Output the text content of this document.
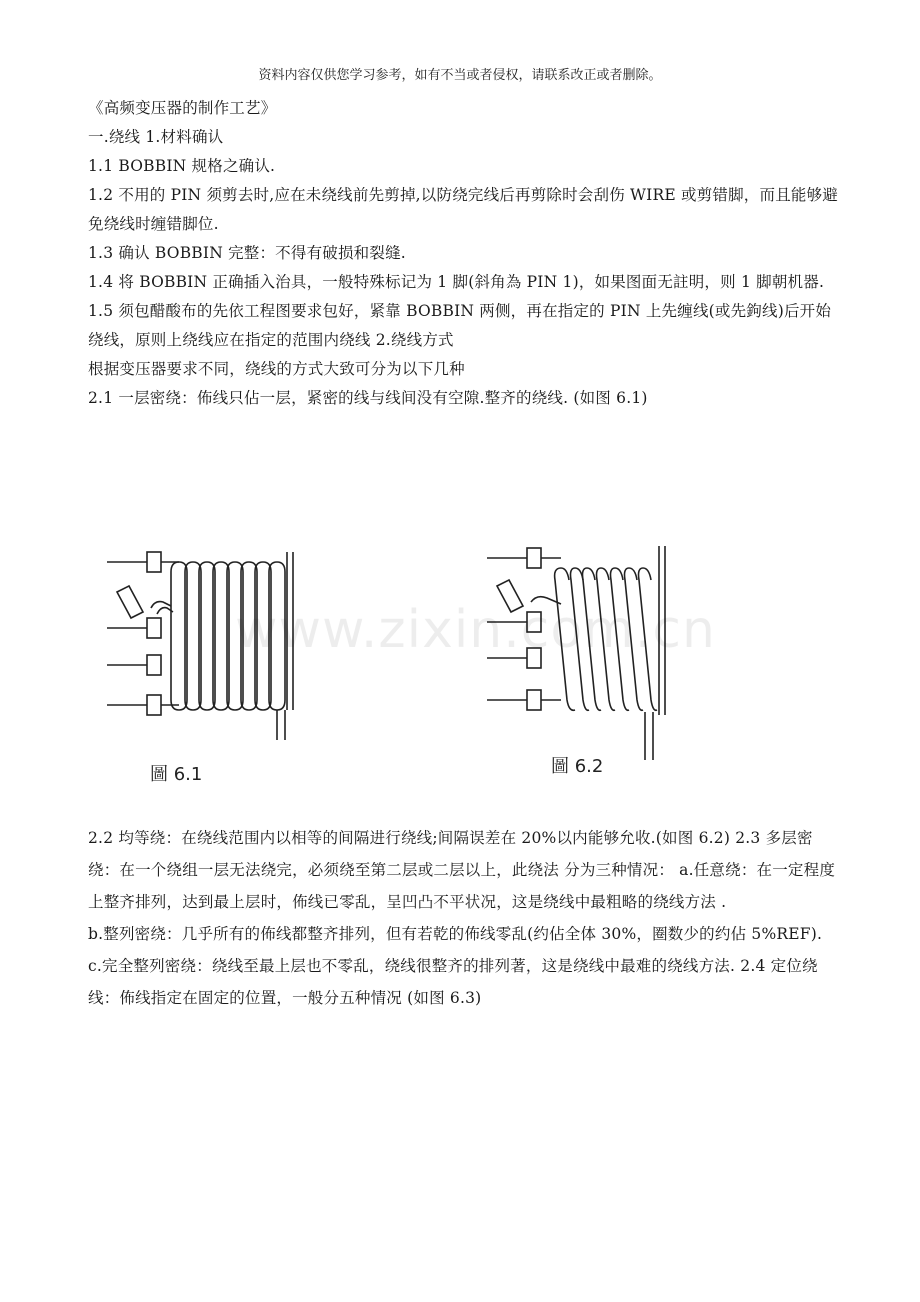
资料内容仅供您学习参考，如有不当或者侵权，请联系改正或者删除。

《高频变压器的制作工艺》

一.绕线 1.材料确认

1.1 BOBBIN 规格之确认.

1.2 不用的 PIN 须剪去时,应在未绕线前先剪掉,以防绕完线后再剪除时会刮伤 WIRE 或剪错脚，而且能够避免绕线时缠错脚位.

1.3 确认 BOBBIN 完整：不得有破损和裂缝.

1.4 将 BOBBIN 正确插入治具，一般特殊标记为 1 脚(斜角為 PIN 1)，如果图面无註明，则 1 脚朝机器. 1.5 须包醋酸布的先依工程图要求包好，紧靠 BOBBIN 两侧，再在指定的 PIN 上先缠线(或先鉤线)后开始绕线，原则上绕线应在指定的范围内绕线 2.绕线方式

根据变压器要求不同，绕线的方式大致可分为以下几种

2.1 一层密绕：佈线只佔一层，紧密的线与线间没有空隙.整齐的绕线. (如图 6.1)

圖 6.1	圖 6.2
www.zixin.com.cn

2.2 均等绕：在绕线范围内以相等的间隔进行绕线;间隔误差在 20%以内能够允收.(如图 6.2) 2.3 多层密绕：在一个绕组一层无法绕完，必须绕至第二层或二层以上，此绕法 分为三种情况： a.任意绕：在一定程度上整齐排列，达到最上层时，佈线已零乱，呈凹凸不平状况，这是绕线中最粗略的绕线方法 .

b.整列密绕：几乎所有的佈线都整齐排列，但有若乾的佈线零乱(约佔全体 30%，圈数少的约佔 5%REF). c.完全整列密绕：绕线至最上层也不零乱，绕线很整齐的排列著，这是绕线中最难的绕线方法. 2.4 定位绕线：佈线指定在固定的位置，一般分五种情况 (如图 6.3)
